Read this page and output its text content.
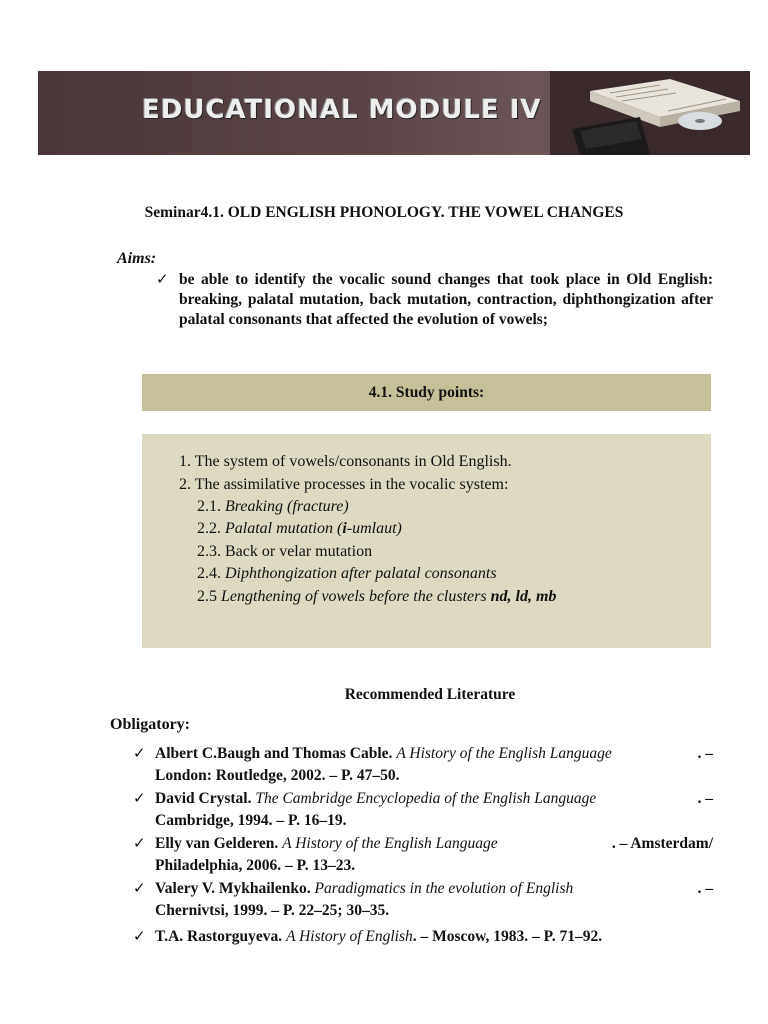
EDUCATIONAL MODULE IV
Seminar4.1. OLD ENGLISH PHONOLOGY. THE VOWEL CHANGES
Aims:
✓ be able to identify the vocalic sound changes that took place in Old English: breaking, palatal mutation, back mutation, contraction, diphthongization after palatal consonants that affected the evolution of vowels;
4.1. Study points:
1. The system of vowels/consonants in Old English.
2. The assimilative processes in the vocalic system:
2.1. Breaking (fracture)
2.2. Palatal mutation (i-umlaut)
2.3. Back or velar mutation
2.4. Diphthongization after palatal consonants
2.5 Lengthening of vowels before the clusters nd, ld, mb
Recommended Literature
Obligatory:
✓ Albert C.Baugh and Thomas Cable. A History of the English Language	. –
London: Routledge, 2002. – P. 47–50.
✓ David Crystal. The Cambridge Encyclopedia of the English Language	. –
Cambridge, 1994. – P. 16–19.
✓ Elly van Gelderen. A History of the English Language	. – Amsterdam/
Philadelphia, 2006. – P. 13–23.
✓ Valery V. Mykhailenko. Paradigmatics in the evolution of English	. –
Chernivtsi, 1999. – P. 22–25; 30–35.
✓ T.A. Rastorguyeva. A History of English. – Moscow, 1983. – P. 71–92.
